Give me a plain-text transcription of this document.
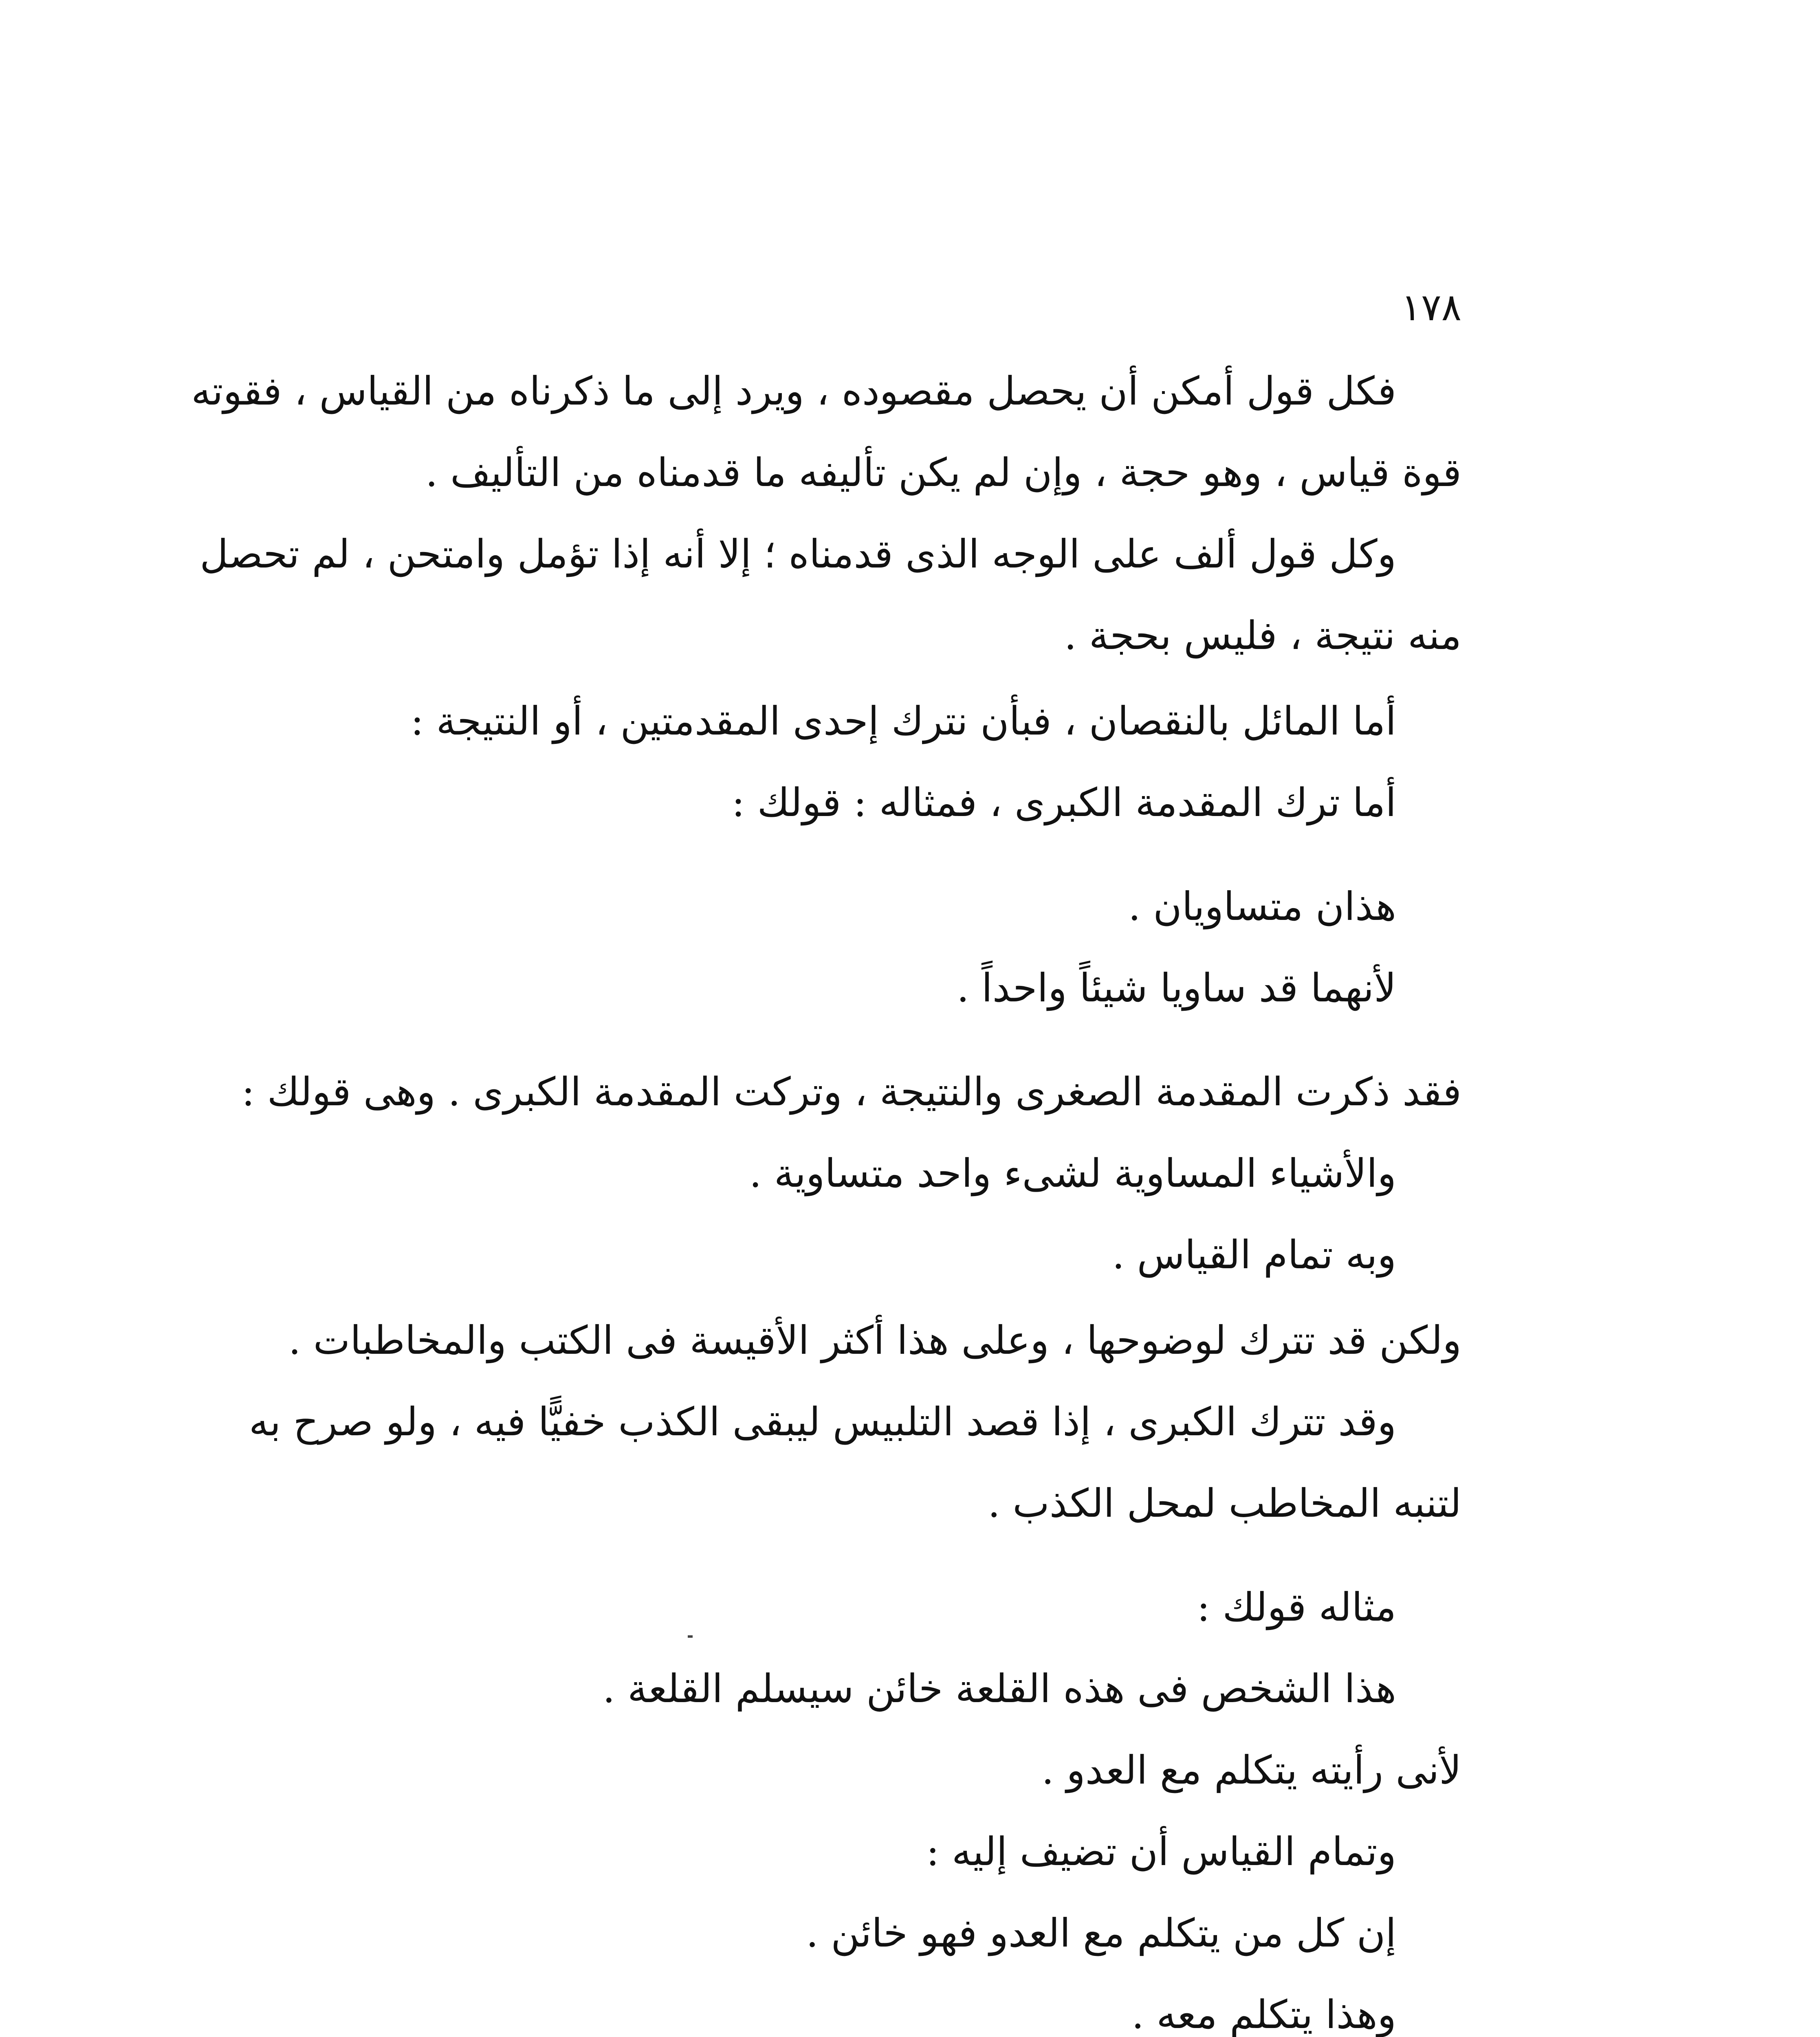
١٧٨

فكل قول أمكن أن يحصل مقصوده ، ويرد إلى ما ذكرناه من القياس ، فقوته

قوة قياس ، وهو حجة ، وإن لم يكن تأليفه ما قدمناه من التأليف .

وكل قول ألف على الوجه الذى قدمناه ؛ إلا أنه إذا تؤمل وامتحن ، لم تحصل

منه نتيجة ، فليس بحجة .

أما المائل بالنقصان ، فبأن نترك إحدى المقدمتين ، أو النتيجة :

أما ترك المقدمة الكبرى ، فمثاله : قولك :

هذان متساويان .

لأنهما قد ساويا شيئاً واحداً .

فقد ذكرت المقدمة الصغرى والنتيجة ، وتركت المقدمة الكبرى . وهى قولك :

والأشياء المساوية لشىء واحد متساوية .

وبه تمام القياس .

ولكن قد تترك لوضوحها ، وعلى هذا أكثر الأقيسة فى الكتب والمخاطبات .

وقد تترك الكبرى ، إذا قصد التلبيس ليبقى الكذب خفيًّا فيه ، ولو صرح به

لتنبه المخاطب لمحل الكذب .

مثاله قولك :

هذا الشخص فى هذه القلعة خائن سيسلم القلعة .

لأنى رأيته يتكلم مع العدو .

وتمام القياس أن تضيف إليه :

إن كل من يتكلم مع العدو فهو خائن .

وهذا يتكلم معه .
